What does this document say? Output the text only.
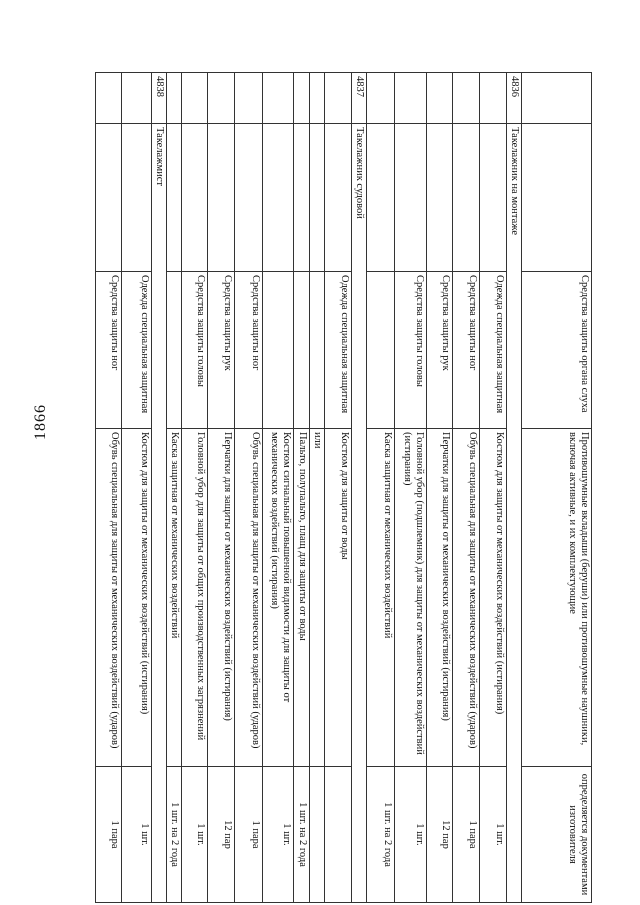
1866
		Средства защиты органа слуха	Противошумные вкладыши (беруши) или противошумные наушники, включая активные, и их комплектующие	определяется документами изготовителя
4836	Такелажник на монтаже			
		Одежда специальная защитная	Костюм для защиты от механических воздействий (истирания)	1 шт.
		Средства защиты ног	Обувь специальная для защиты от механических воздействий (ударов)	1 пара
		Средства защиты рук	Перчатки для защиты от механических воздействий (истирания)	12 пар
		Средства защиты головы	Головной убор (подшлемник) для защиты от механических воздействий (истирания)	1 шт.
			Каска защитная от механических воздействий	1 шт. на 2 года
4837	Такелажник судовой			
		Одежда специальная защитная	Костюм для защиты от воды	
			или	
			Пальто, полупальто, плащ для защиты от воды	1 шт. на 2 года
			Костюм сигнальный повышенной видимости для защиты от механических воздействий (истирания)	1 шт.
		Средства защиты ног	Обувь специальная для защиты от механических воздействий (ударов)	1 пара
		Средства защиты рук	Перчатки для защиты от механических воздействий (истирания)	12 пар
		Средства защиты головы	Головной убор для защиты от общих производственных загрязнений	1 шт.
			Каска защитная от механических воздействий	1 шт. на 2 года
4838	Такелажмист			
		Одежда специальная защитная	Костюм для защиты от механических воздействий (истирания)	1 шт.
		Средства защиты ног	Обувь специальная для защиты от механических воздействий (ударов)	1 пара
